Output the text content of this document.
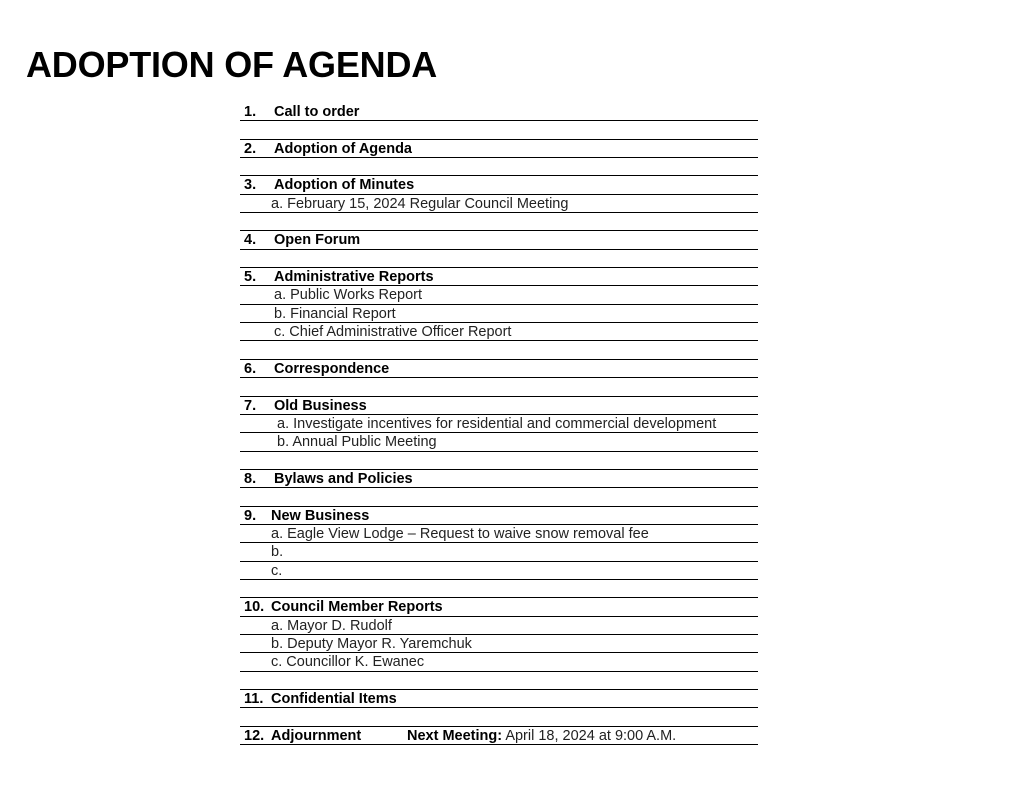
ADOPTION OF AGENDA
1. Call to order
2. Adoption of Agenda
3. Adoption of Minutes
a. February 15, 2024 Regular Council Meeting
4. Open Forum
5. Administrative Reports
a. Public Works Report
b. Financial Report
c. Chief Administrative Officer Report
6. Correspondence
7. Old Business
a. Investigate incentives for residential and commercial development
b. Annual Public Meeting
8. Bylaws and Policies
9. New Business
a. Eagle View Lodge – Request to waive snow removal fee
b.
c.
10. Council Member Reports
a. Mayor D. Rudolf
b. Deputy Mayor R. Yaremchuk
c. Councillor K. Ewanec
11. Confidential Items
12. Adjournment	Next Meeting: April 18, 2024 at 9:00 A.M.
